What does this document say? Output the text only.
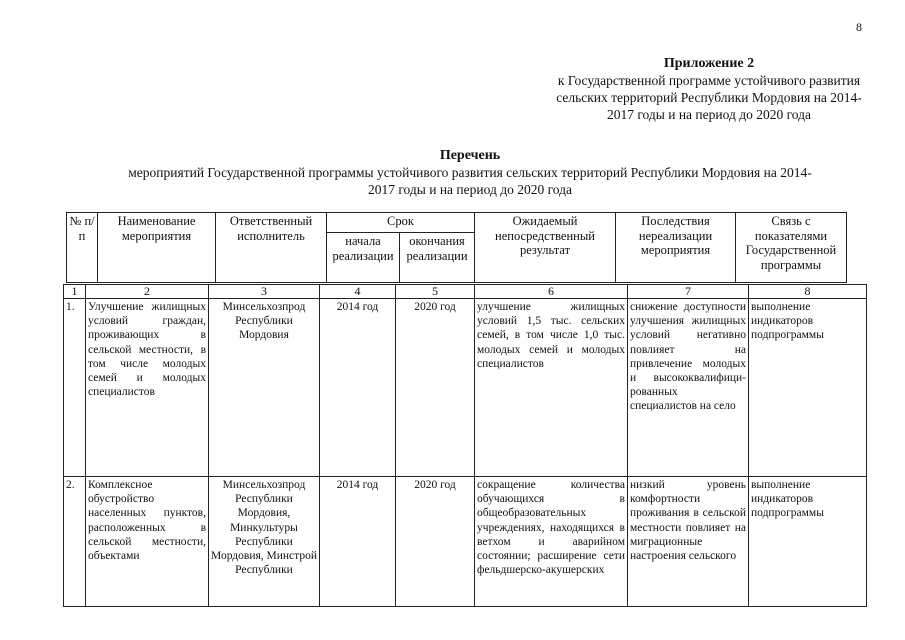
8
Приложение 2
к Государственной программе устойчивого развития
сельских территорий Республики Мордовия на 2014-
2017 годы и на период до 2020 года
Перечень
мероприятий Государственной программы устойчивого развития сельских территорий Республики Мордовия на 2014-
2017 годы и на период до 2020 года
№ п/п	Наименование мероприятия	Ответственный исполнитель	Срок		Ожидаемый непосредственный результат	Последствия нереализации мероприятия	Связь с показателями Государственной программы
			начала реализации	окончания реализации			
1	2	3	4	5	6	7	8
1.	Улучшение жилищных условий граждан, проживающих в сельской местности, в том числе молодых семей и молодых специалистов	Минсельхозпрод Республики Мордовия	2014 год	2020 год	улучшение жилищных условий 1,5 тыс. сельских семей, в том числе 1,0 тыс. молодых семей и молодых специалистов	снижение доступности улучшения жилищных условий негативно повлияет на привлечение молодых и высококвалифици-рованных специалистов на село	выполнение индикаторов подпрограммы
2.	Комплексное обустройство населенных пунктов, расположенных в сельской местности, объектами	Минсельхозпрод Республики Мордовия, Минкультуры Республики Мордовия, Минстрой Республики	2014 год	2020 год	сокращение количества обучающихся в общеобразовательных учреждениях, находящихся в ветхом и аварийном состоянии; расширение сети фельдшерско-акушерских	низкий уровень комфортности проживания в сельской местности повлияет на миграционные настроения сельского	выполнение индикаторов подпрограммы
